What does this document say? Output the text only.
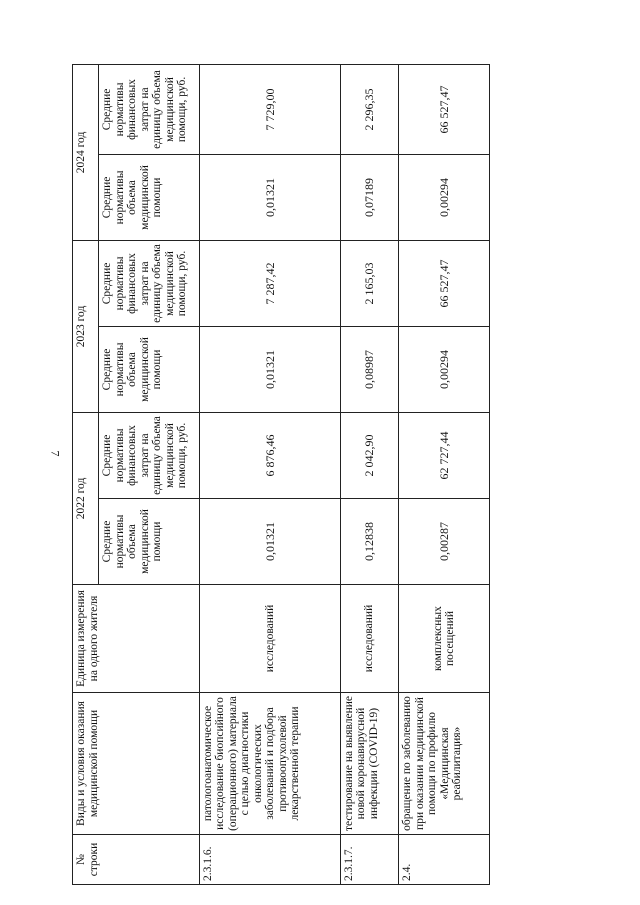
7
№ строки	Виды и условия оказания медицинской помощи	Единица измерения на одного жителя	2022 год		2023 год		2024 год	
			Средние нормативы объема медицинской помощи	Средние нормативы финансовых затрат на единицу объема медицинской помощи, руб.	Средние нормативы объема медицинской помощи	Средние нормативы финансовых затрат на единицу объема медицинской помощи, руб.	Средние нормативы объема медицинской помощи	Средние нормативы финансовых затрат на единицу объема медицинской помощи, руб.
2.3.1.6.	патологоанатомическое исследование биопсийного (операционного) материала с целью диагностики онкологических заболеваний и подбора противоопухолевой лекарственной терапии	исследований	0,01321	6 876,46	0,01321	7 287,42	0,01321	7 729,00
2.3.1.7.	тестирование на выявление новой коронавирусной инфекции (COVID-19)	исследований	0,12838	2 042,90	0,08987	2 165,03	0,07189	2 296,35
2.4.	обращение по заболеванию при оказании медицинской помощи по профилю «Медицинская реабилитация»	комплексных посещений	0,00287	62 727,44	0,00294	66 527,47	0,00294	66 527,47
